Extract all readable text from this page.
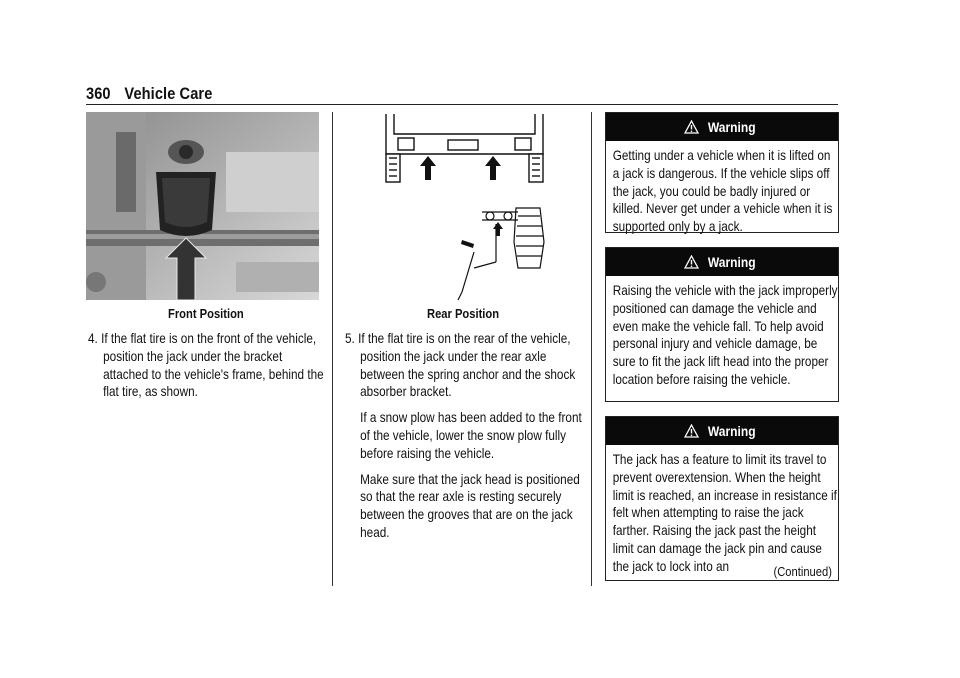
360 Vehicle Care
Front Position

4. If the flat tire is on the front of the vehicle, position the jack under the bracket attached to the vehicle's frame, behind the flat tire, as shown.

Rear Position

5. If the flat tire is on the rear of the vehicle, position the jack under the rear axle between the spring anchor and the shock absorber bracket.

If a snow plow has been added to the front of the vehicle, lower the snow plow fully before raising the vehicle.

Make sure that the jack head is positioned so that the rear axle is resting securely between the grooves that are on the jack head.

Warning
Getting under a vehicle when it is lifted on a jack is dangerous. If the vehicle slips off the jack, you could be badly injured or killed. Never get under a vehicle when it is supported only by a jack.
Warning
Raising the vehicle with the jack improperly positioned can damage the vehicle and even make the vehicle fall. To help avoid personal injury and vehicle damage, be sure to fit the jack lift head into the proper location before raising the vehicle.
Warning
The jack has a feature to limit its travel to prevent overextension. When the height limit is reached, an increase in resistance if felt when attempting to raise the jack farther. Raising the jack past the height limit can damage the jack pin and cause the jack to lock into an	(Continued)
